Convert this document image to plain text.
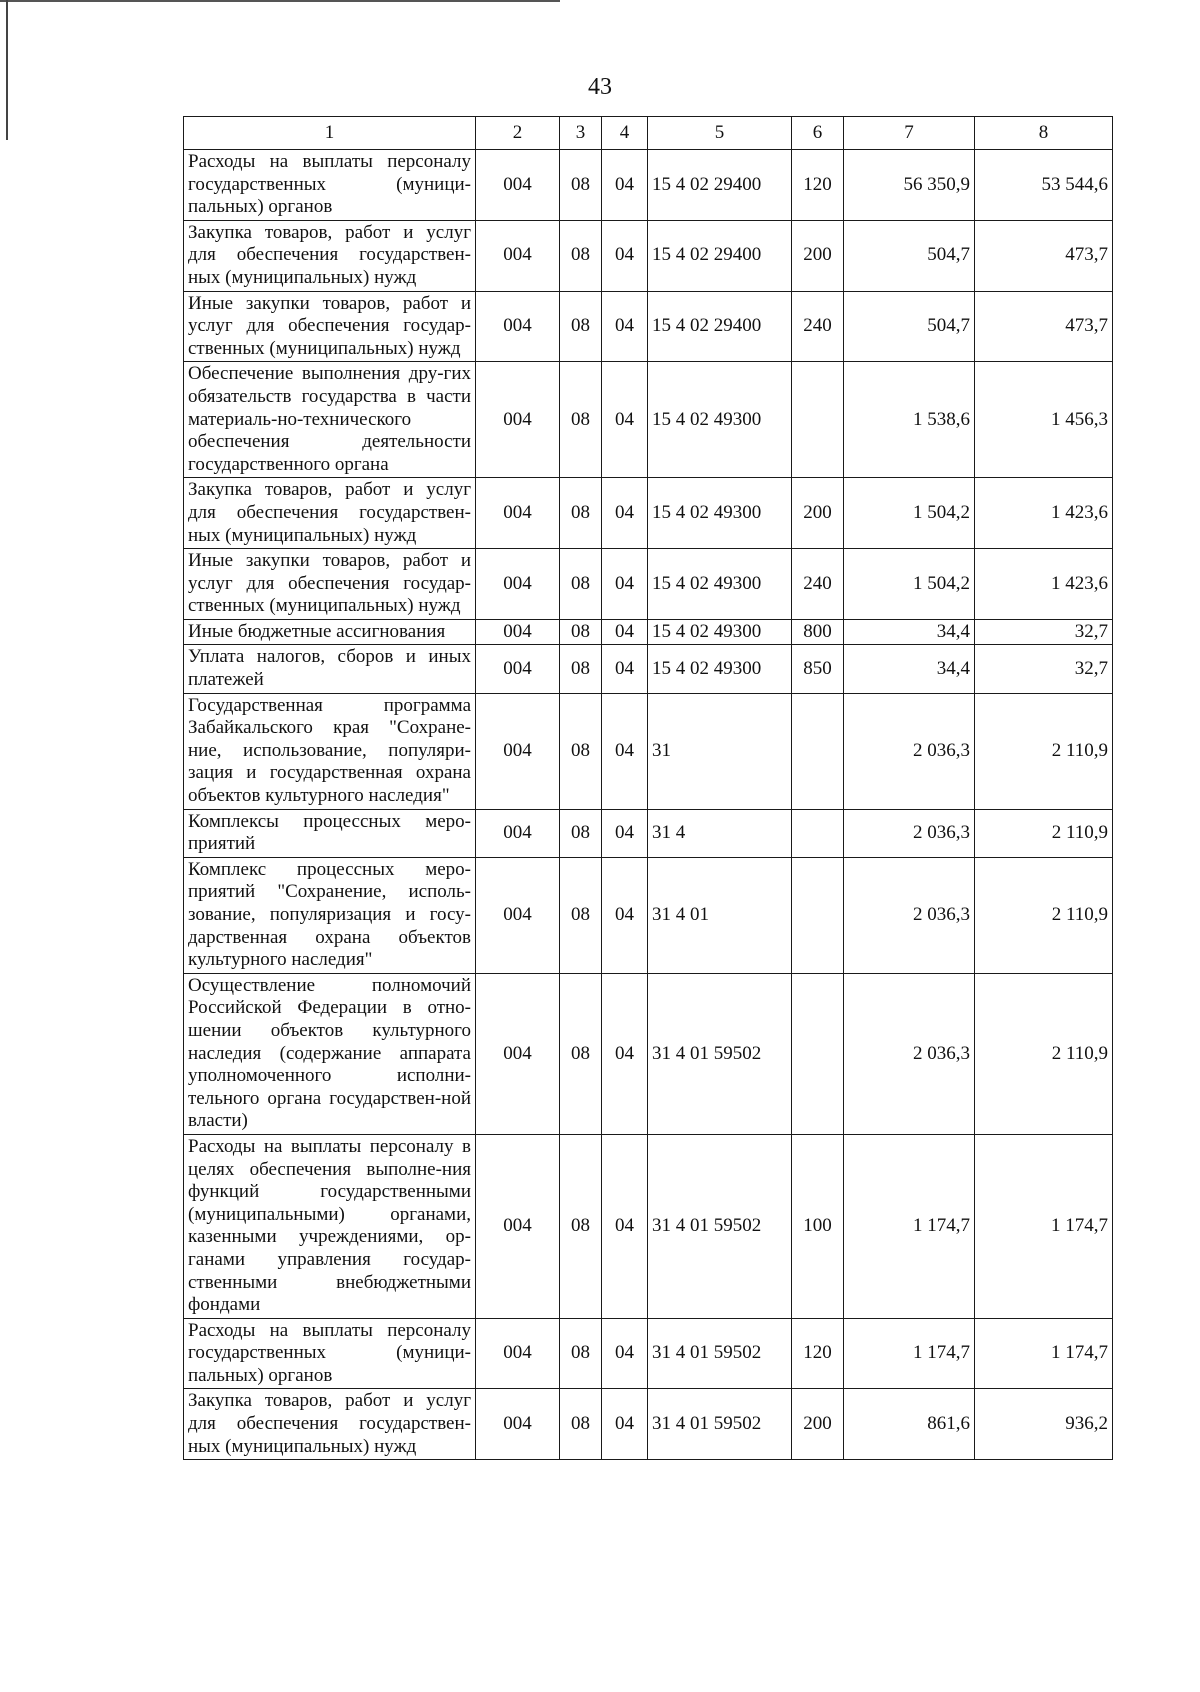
43
1	2	3	4	5	6	7	8
Расходы на выплаты персоналу государственных (муници-пальных) органов	004	08	04	15 4 02 29400	120	56 350,9	53 544,6
Закупка товаров, работ и услуг для обеспечения государствен-ных (муниципальных) нужд	004	08	04	15 4 02 29400	200	504,7	473,7
Иные закупки товаров, работ и услуг для обеспечения государ-ственных (муниципальных) нужд	004	08	04	15 4 02 29400	240	504,7	473,7
Обеспечение выполнения дру-гих обязательств государства в части материаль-но-технического обеспечения деятельности государственного органа	004	08	04	15 4 02 49300		1 538,6	1 456,3
Закупка товаров, работ и услуг для обеспечения государствен-ных (муниципальных) нужд	004	08	04	15 4 02 49300	200	1 504,2	1 423,6
Иные закупки товаров, работ и услуг для обеспечения государ-ственных (муниципальных) нужд	004	08	04	15 4 02 49300	240	1 504,2	1 423,6
Иные бюджетные ассигнования	004	08	04	15 4 02 49300	800	34,4	32,7
Уплата налогов, сборов и иных платежей	004	08	04	15 4 02 49300	850	34,4	32,7
Государственная программа Забайкальского края "Сохране-ние, использование, популяри-зация и государственная охрана объектов культурного наследия"	004	08	04	31		2 036,3	2 110,9
Комплексы процессных меро-приятий	004	08	04	31 4		2 036,3	2 110,9
Комплекс процессных меро-приятий "Сохранение, исполь-зование, популяризация и госу-дарственная охрана объектов культурного наследия"	004	08	04	31 4 01		2 036,3	2 110,9
Осуществление полномочий Российской Федерации в отно-шении объектов культурного наследия (содержание аппарата уполномоченного исполни-тельного органа государствен-ной власти)	004	08	04	31 4 01 59502		2 036,3	2 110,9
Расходы на выплаты персоналу в целях обеспечения выполне-ния функций государственными (муниципальными) органами, казенными учреждениями, ор-ганами управления государ-ственными внебюджетными фондами	004	08	04	31 4 01 59502	100	1 174,7	1 174,7
Расходы на выплаты персоналу государственных (муници-пальных) органов	004	08	04	31 4 01 59502	120	1 174,7	1 174,7
Закупка товаров, работ и услуг для обеспечения государствен-ных (муниципальных) нужд	004	08	04	31 4 01 59502	200	861,6	936,2
